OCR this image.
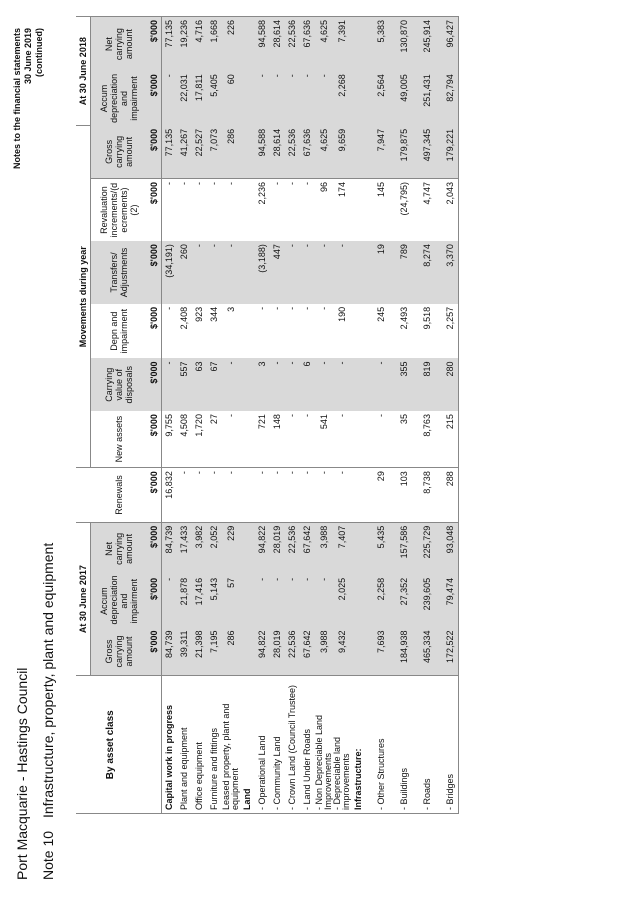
Port Macquarie - Hastings Council Note 10Infrastructure, property, plant and equipment
Notes to the financial statements 30 June 2019 (continued)
By asset class	At 30 June 2017				Movements during year						At 30 June 2018	
	Gross carrying amount	Accum depreciation and impairment	Net carrying amount	Renewals	New assets	Carrying value of disposals	Depn and impairment	Transfers/ Adjustments	Revaluation increments/(d ecrements) (2)	Gross carrying amount	Accum depreciation and impairment	Net carrying amount
	$'000	$'000	$'000	$'000	$'000	$'000	$'000	$'000	$'000	$'000	$'000	$'000
Capital work in progress	84,739	-	84,739	16,832	9,755	-	-	(34,191)	-	77,135	-	77,135
Plant and equipment	39,311	21,878	17,433	-	4,508	557	2,408	260	-	41,267	22,031	19,236
Office equipment	21,398	17,416	3,982	-	1,720	63	923	-	-	22,527	17,811	4,716
Furniture and fittings	7,195	5,143	2,052	-	27	67	344	-	-	7,073	5,405	1,668
Leased property, plant and equipment	286	57	229	-	-	-	3	-	-	286	60	226
Land												
- Operational Land	94,822	-	94,822	-	721	3	-	(3,188)	2,236	94,588	-	94,588
- Community Land	28,019	-	28,019	-	148	-	-	447	-	28,614	-	28,614
- Crown Land (Council Trustee)	22,536	-	22,536	-	-	-	-	-	-	22,536	-	22,536
- Land Under Roads	67,642	-	67,642	-	-	6	-	-	-	67,636	-	67,636
- Non Depreciable Land Improvements	3,988	-	3,988	-	541	-	-	-	96	4,625	-	4,625
- Depreciable land improvements	9,432	2,025	7,407	-	-	-	190	-	174	9,659	2,268	7,391
Infrastructure:												

- Other Structures	7,693	2,258	5,435	29	-	-	245	19	145	7,947	2,564	5,383

- Buildings	184,938	27,352	157,586	103	35	355	2,493	789	(24,795)	179,875	49,005	130,870

- Roads	465,334	239,605	225,729	8,738	8,763	819	9,518	8,274	4,747	497,345	251,431	245,914

- Bridges	172,522	79,474	93,048	288	215	280	2,257	3,370	2,043	179,221	82,794	96,427
